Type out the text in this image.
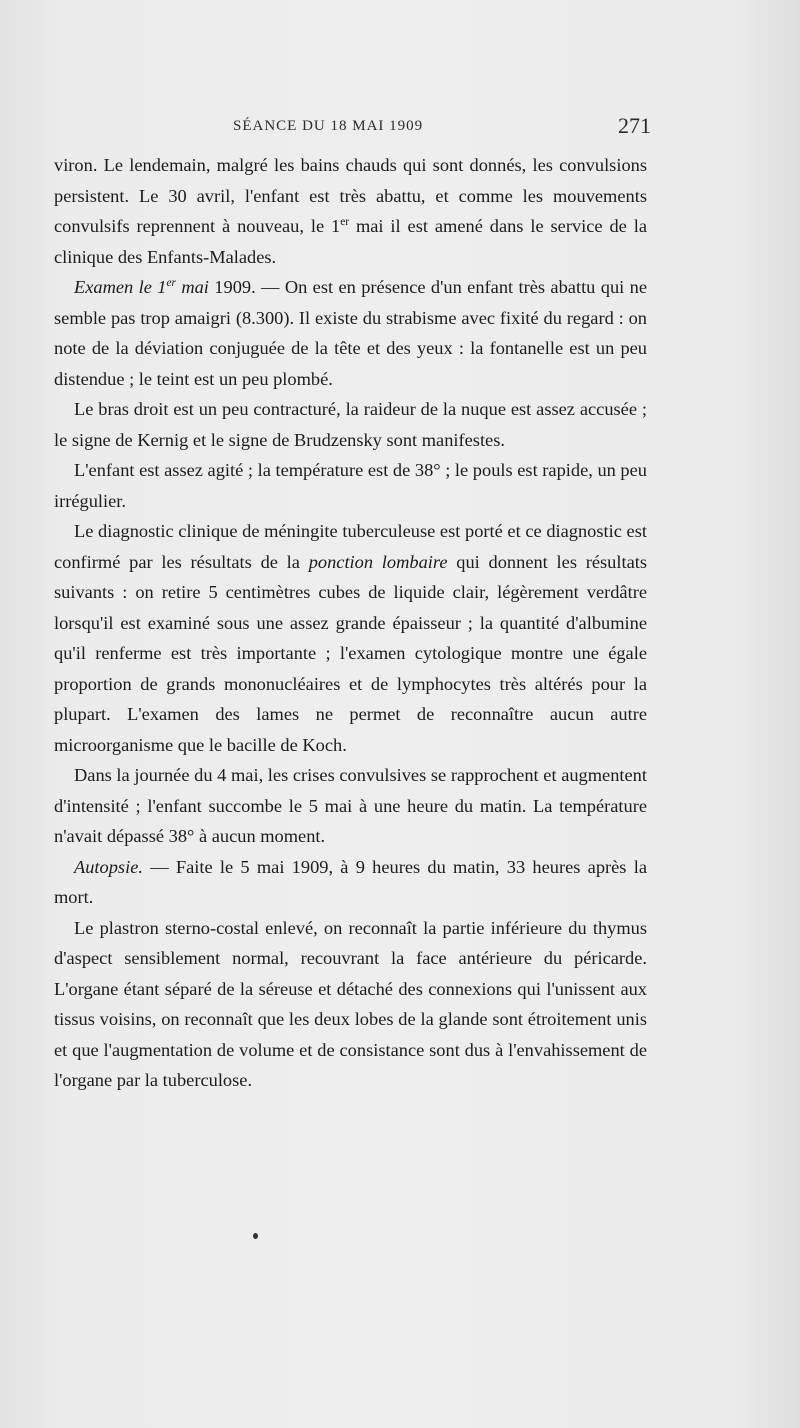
SÉANCE DU 18 MAI 1909	271

viron. Le lendemain, malgré les bains chauds qui sont donnés, les convulsions persistent. Le 30 avril, l'enfant est très abattu, et comme les mouvements convulsifs reprennent à nouveau, le 1er mai il est amené dans le service de la clinique des Enfants-Malades.

Examen le 1er mai 1909. — On est en présence d'un enfant très abattu qui ne semble pas trop amaigri (8.300). Il existe du strabisme avec fixité du regard : on note de la déviation conjuguée de la tête et des yeux : la fontanelle est un peu distendue ; le teint est un peu plombé.

Le bras droit est un peu contracturé, la raideur de la nuque est assez accusée ; le signe de Kernig et le signe de Brudzensky sont manifestes.

L'enfant est assez agité ; la température est de 38° ; le pouls est rapide, un peu irrégulier.

Le diagnostic clinique de méningite tuberculeuse est porté et ce diagnostic est confirmé par les résultats de la ponction lombaire qui donnent les résultats suivants : on retire 5 centimètres cubes de liquide clair, légèrement verdâtre lorsqu'il est examiné sous une assez grande épaisseur ; la quantité d'albumine qu'il renferme est très importante ; l'examen cytologique montre une égale proportion de grands mononucléaires et de lymphocytes très altérés pour la plupart. L'examen des lames ne permet de reconnaître aucun autre microorganisme que le bacille de Koch.

Dans la journée du 4 mai, les crises convulsives se rapprochent et augmentent d'intensité ; l'enfant succombe le 5 mai à une heure du matin. La température n'avait dépassé 38° à aucun moment.

Autopsie. — Faite le 5 mai 1909, à 9 heures du matin, 33 heures après la mort.

Le plastron sterno-costal enlevé, on reconnaît la partie inférieure du thymus d'aspect sensiblement normal, recouvrant la face antérieure du péricarde. L'organe étant séparé de la séreuse et détaché des connexions qui l'unissent aux tissus voisins, on reconnaît que les deux lobes de la glande sont étroitement unis et que l'augmentation de volume et de consistance sont dus à l'envahissement de l'organe par la tuberculose.
